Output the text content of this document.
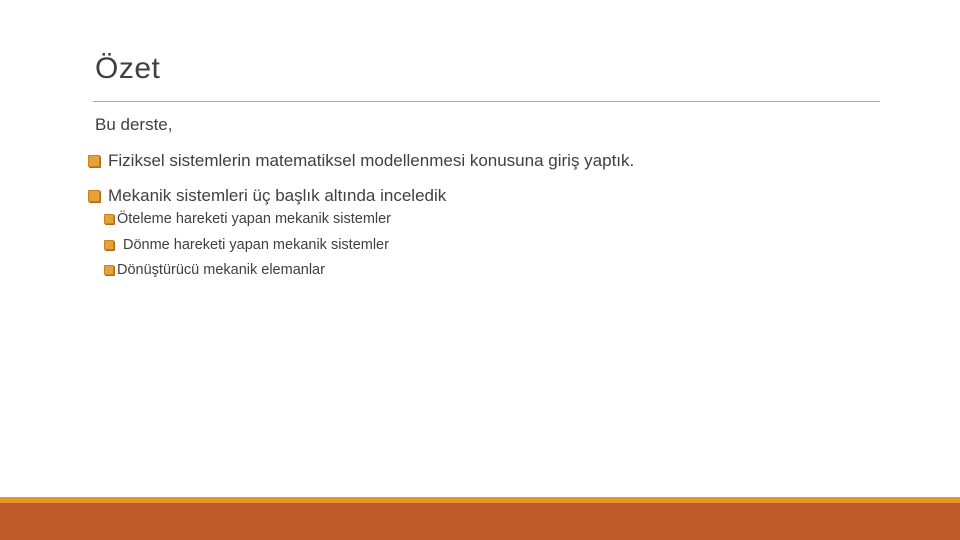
Özet
Bu derste,
Fiziksel sistemlerin matematiksel modellenmesi konusuna giriş yaptık.
Mekanik sistemleri üç başlık altında inceledik
Öteleme hareketi yapan mekanik sistemler
Dönme hareketi yapan mekanik sistemler
Dönüştürücü mekanik elemanlar
